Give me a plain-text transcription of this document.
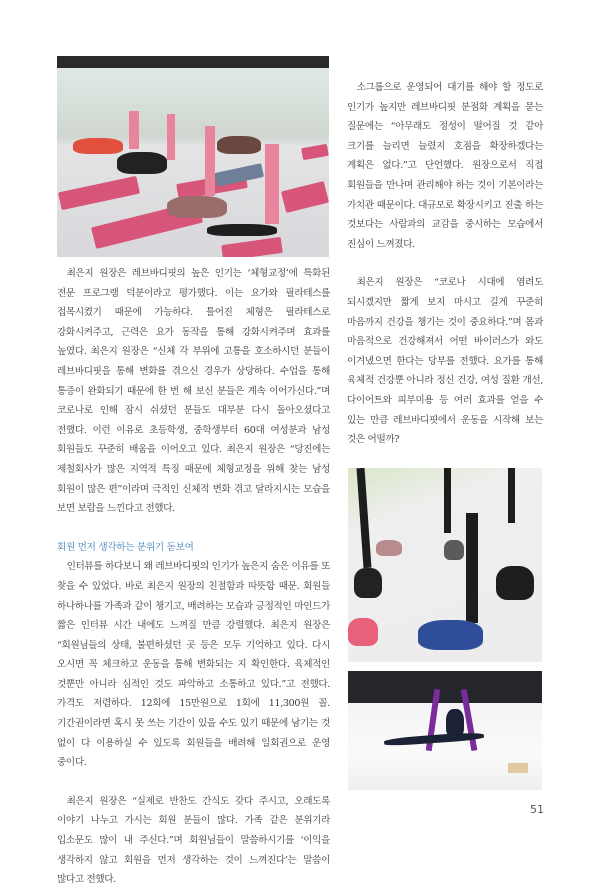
최은지 원장은 레브바디핏의 높은 인기는 ‘체형교정’에 특화된 전문 프로그램 덕분이라고 평가했다. 이는 요가와 필라테스를 접목시켰기 때문에 가능하다. 틀어진 체형은 필라테스로 강화시켜주고, 근력은 요가 동작을 통해 강화시켜주며 효과를 높였다. 최은지 원장은 “신체 각 부위에 고통을 호소하시던 분들이 레브바디핏을 통해 변화를 겪으신 경우가 상당하다. 수업을 통해 통증이 완화되기 때문에 한 번 해 보신 분들은 계속 이어가신다.”며 코로나로 인해 잠시 쉬셨던 분들도 대부분 다시 돌아오셨다고 전했다. 이런 이유로 초등학생, 중학생부터 60대 여성분과 남성 회원들도 꾸준히 배움을 이어오고 있다. 최은지 원장은 “당진에는 제철회사가 많은 지역적 특징 때문에 체형교정을 위해 찾는 남성 회원이 많은 편”이라며 극적인 신체적 변화 겪고 달라지시는 모습을 보면 보람을 느낀다고 전했다.

회원 먼저 생각하는 분위기 돋보여

인터뷰를 하다보니 왜 레브바디핏의 인기가 높은지 숨은 이유를 또 찾을 수 있었다. 바로 최은지 원장의 친절함과 따뜻함 때문. 회원들 하나하나를 가족과 같이 챙기고, 배려하는 모습과 긍정적인 마인드가 짧은 인터뷰 시간 내에도 느껴질 만큼 강렬했다. 최은지 원장은 “회원님들의 상태, 불편하셨던 곳 등은 모두 기억하고 있다. 다시 오시면 꼭 체크하고 운동을 통해 변화되는 지 확인한다. 육체적인 것뿐만 아니라 심적인 것도 파악하고 소통하고 있다.”고 전했다. 가격도 저렴하다. 12회에 15만원으로 1회에 11,300원 꼴. 기간권이라면 혹시 못 쓰는 기간이 있을 수도 있기 때문에 남기는 것 없이 다 이용하실 수 있도록 회원들을 배려해 일회권으로 운영 중이다.

최은지 원장은 “실제로 반찬도 간식도 갖다 주시고, 오래도록 이야기 나누고 가시는 회원 분들이 많다. 가족 같은 분위기라 입소문도 많이 내 주신다.”며 회원님들이 말씀하시기를 ‘이익을 생각하지 않고 회원을 먼저 생각하는 것이 느껴진다’는 말씀이 많다고 전했다.

소그룹으로 운영되어 대기를 해야 할 정도로 인기가 높지만 레브바디핏 분점화 계획을 묻는 질문에는 “아무래도 정성이 떨어질 것 같아 크기를 늘리면 늘렸지 호점을 확장하겠다는 계획은 없다.”고 단언했다. 원장으로서 직접 회원들을 만나며 관리해야 하는 것이 기본이라는 가치관 때문이다. 대규모로 확장시키고 진출 하는 것보다는 사람과의 교감을 중시하는 모습에서 진심이 느껴졌다.

최은지 원장은 “코로나 시대에 염려도 되시겠지만 짧게 보지 마시고 길게 꾸준히 마음까지 건강을 챙기는 것이 중요하다.”며 몸과 마음적으로 건강해져서 어떤 바이러스가 와도 이겨냈으면 한다는 당부를 전했다. 요가를 통해 육체적 건강뿐 아니라 정신 건강, 여성 질환 개선, 다이어트와 피부미용 등 여러 효과를 얻을 수 있는 만큼 레브바디핏에서 운동을 시작해 보는 것은 어떨까?

51
